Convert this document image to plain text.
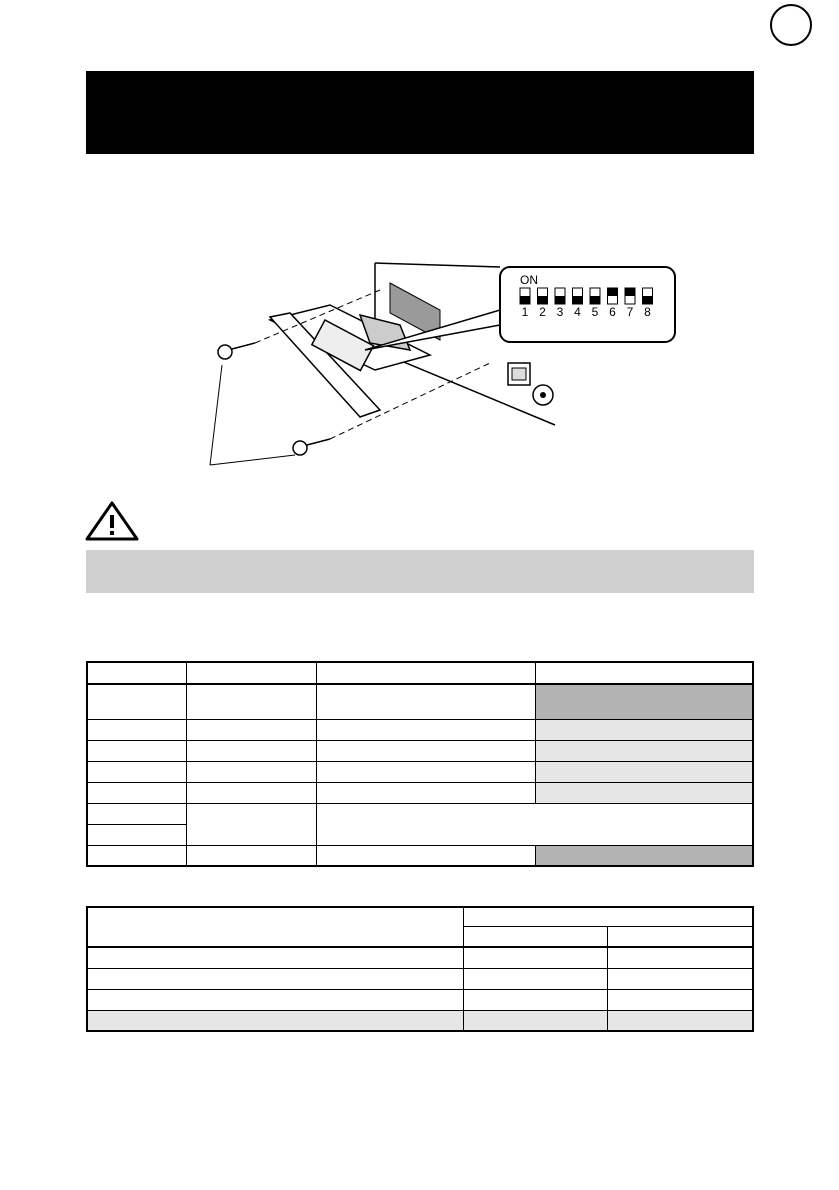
ON
1 2 3 4 5 6 7 8
